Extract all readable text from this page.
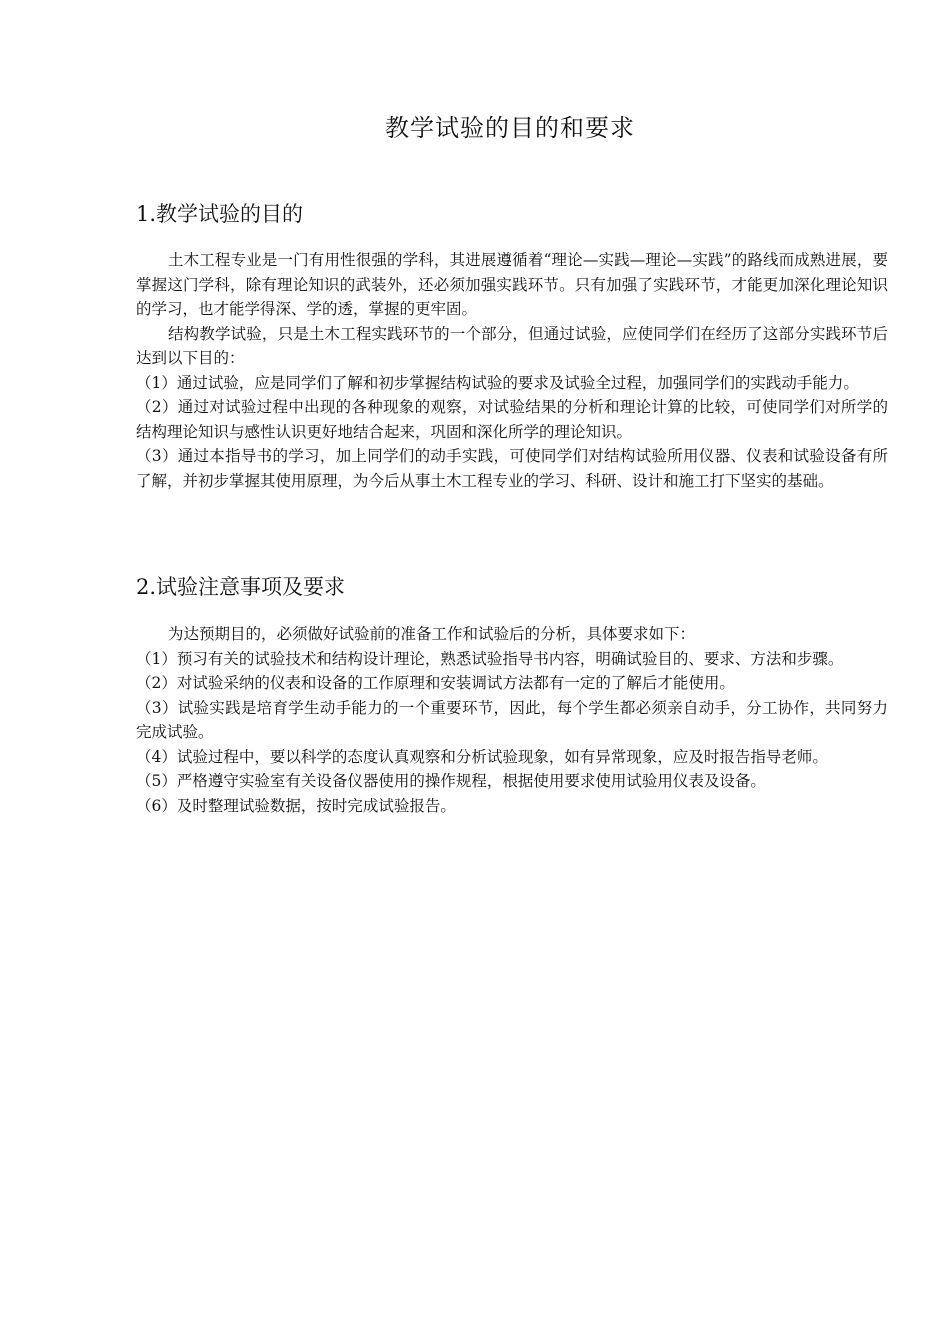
教学试验的目的和要求
1.教学试验的目的

土木工程专业是一门有用性很强的学科，其进展遵循着“理论—实践—理论—实践”的路线而成熟进展，要掌握这门学科，除有理论知识的武装外，还必须加强实践环节。只有加强了实践环节，才能更加深化理论知识的学习，也才能学得深、学的透，掌握的更牢固。

结构教学试验，只是土木工程实践环节的一个部分，但通过试验，应使同学们在经历了这部分实践环节后达到以下目的：

（1）通过试验，应是同学们了解和初步掌握结构试验的要求及试验全过程，加强同学们的实践动手能力。

（2）通过对试验过程中出现的各种现象的观察，对试验结果的分析和理论计算的比较，可使同学们对所学的结构理论知识与感性认识更好地结合起来，巩固和深化所学的理论知识。

（3）通过本指导书的学习，加上同学们的动手实践，可使同学们对结构试验所用仪器、仪表和试验设备有所了解，并初步掌握其使用原理，为今后从事土木工程专业的学习、科研、设计和施工打下坚实的基础。

2.试验注意事项及要求

为达预期目的，必须做好试验前的准备工作和试验后的分析，具体要求如下：

（1）预习有关的试验技术和结构设计理论，熟悉试验指导书内容，明确试验目的、要求、方法和步骤。

（2）对试验采纳的仪表和设备的工作原理和安装调试方法都有一定的了解后才能使用。

（3）试验实践是培育学生动手能力的一个重要环节，因此，每个学生都必须亲自动手，分工协作，共同努力完成试验。

（4）试验过程中，要以科学的态度认真观察和分析试验现象，如有异常现象，应及时报告指导老师。

（5）严格遵守实验室有关设备仪器使用的操作规程，根据使用要求使用试验用仪表及设备。

（6）及时整理试验数据，按时完成试验报告。
